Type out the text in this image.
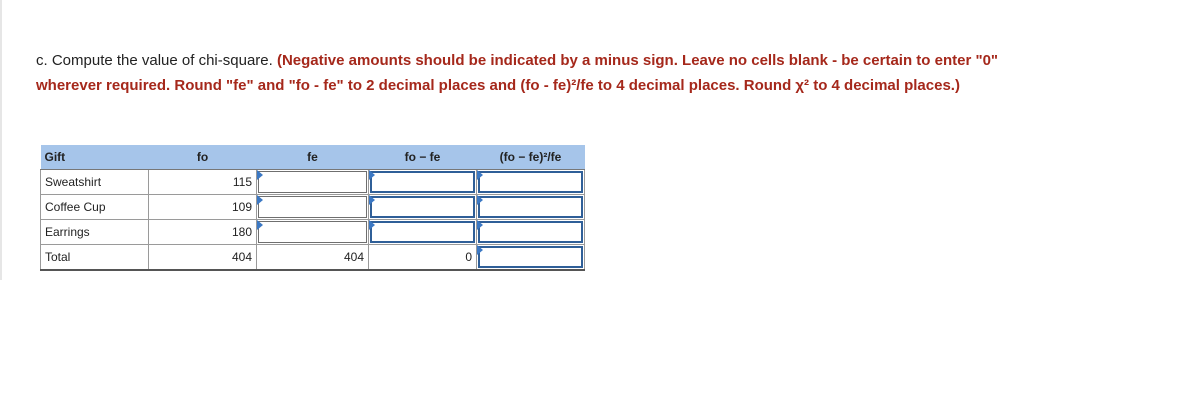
c. Compute the value of chi-square. (Negative amounts should be indicated by a minus sign. Leave no cells blank - be certain to enter "0" wherever required. Round "fe" and "fo - fe" to 2 decimal places and (fo - fe)²/fe to 4 decimal places. Round χ² to 4 decimal places.)
Gift	fo	fe	fo − fe	(fo − fe)²/fe
Sweatshirt	115	

Coffee Cup	109	

Earrings	180	

Total	404	404	0	
